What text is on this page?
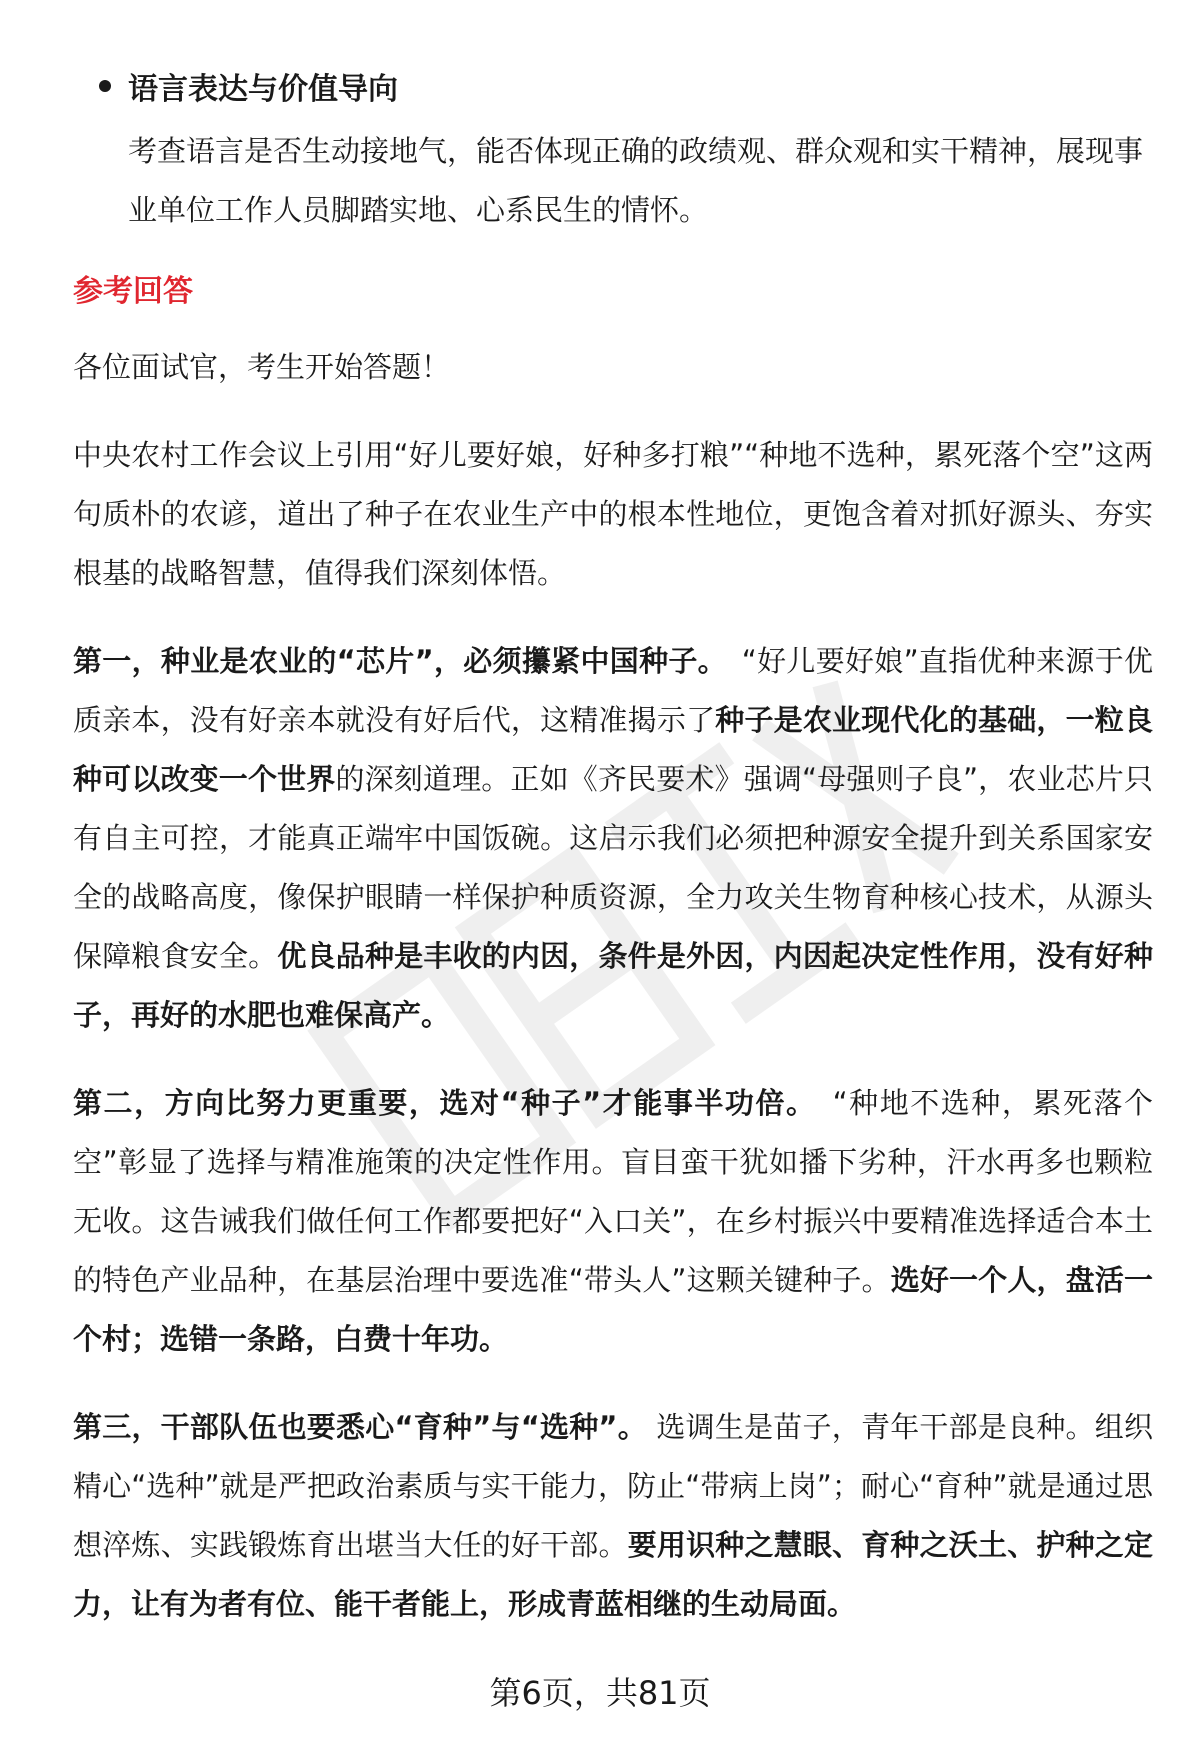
语言表达与价值导向

考查语言是否生动接地气，能否体现正确的政绩观、群众观和实干精神，展现事业单位工作人员脚踏实地、心系民生的情怀。

参考回答

各位面试官，考生开始答题！

中央农村工作会议上引用“好儿要好娘，好种多打粮”“种地不选种，累死落个空”这两句质朴的农谚，道出了种子在农业生产中的根本性地位，更饱含着对抓好源头、夯实根基的战略智慧，值得我们深刻体悟。

第一，种业是农业的“芯片”，必须攥紧中国种子。　 “好儿要好娘”直指优种来源于优质亲本，没有好亲本就没有好后代，这精准揭示了种子是农业现代化的基础，一粒良种可以改变一个世界的深刻道理。正如《齐民要术》强调“母强则子良”，农业芯片只有自主可控，才能真正端牢中国饭碗。这启示我们必须把种源安全提升到关系国家安全的战略高度，像保护眼睛一样保护种质资源，全力攻关生物育种核心技术，从源头保障粮食安全。优良品种是丰收的内因，条件是外因，内因起决定性作用，没有好种子，再好的水肥也难保高产。

第二，方向比努力更重要，选对“种子”才能事半功倍。　 “种地不选种，累死落个空”彰显了选择与精准施策的决定性作用。盲目蛮干犹如播下劣种，汗水再多也颗粒无收。这告诫我们做任何工作都要把好“入口关”，在乡村振兴中要精准选择适合本土的特色产业品种，在基层治理中要选准“带头人”这颗关键种子。选好一个人，盘活一个村；选错一条路，白费十年功。

第三，干部队伍也要悉心“育种”与“选种”。 选调生是苗子，青年干部是良种。组织精心“选种”就是严把政治素质与实干能力，防止“带病上岗”；耐心“育种”就是通过思想淬炼、实践锻炼育出堪当大任的好干部。要用识种之慧眼、育种之沃土、护种之定力，让有为者有位、能干者能上，形成青蓝相继的生动局面。

第6页，共81页
